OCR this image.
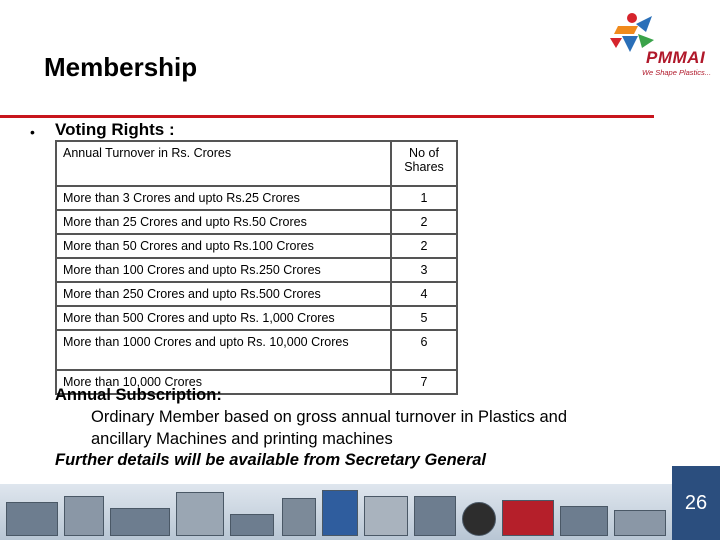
Membership	PMMAI
We Shape Plastics...
• Voting Rights :
Annual Turnover in Rs. Crores	No of Shares
More than 3 Crores and upto Rs.25 Crores	1
More than 25 Crores and upto Rs.50 Crores	2
More than 50 Crores and upto Rs.100 Crores	2
More than 100 Crores and upto Rs.250 Crores	3
More than 250 Crores and upto Rs.500 Crores	4
More than 500 Crores and upto Rs. 1,000 Crores	5
More than 1000 Crores and upto Rs. 10,000 Crores	6
More than 10,000 Crores	7
Annual Subscription:
Ordinary Member based on gross annual turnover in Plastics and
ancillary Machines and printing machines
Further details will be available from Secretary General
26
